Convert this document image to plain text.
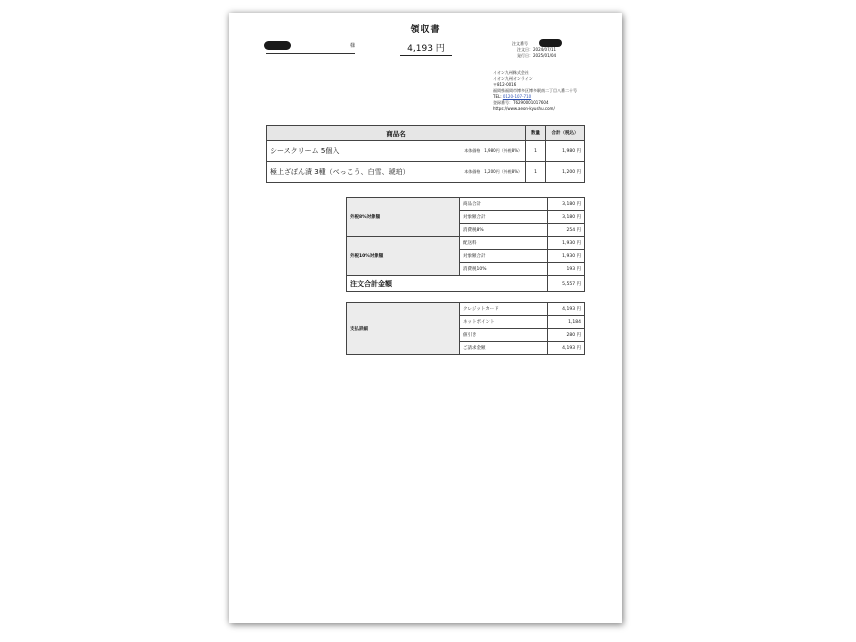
領収書
様	4,193 円
注文番号
注文日：2024/07/11
発行日：2025/01/04
イオン九州株式会社
イオン九州オンライン
〒812-0016
福岡県福岡市博多区博多駅南二丁目八番二十号
TEL: 0120-107-710
登録番号：T6290001017604
https://www.aeon-kyushu.com/
商品名		数量	合計（税込）
シースクリーム 5個入	本体価格　1,980円（外税8%）	1	1,980 円
極上ざぼん漬 3種（べっこう、白雪、琥珀）	本体価格　1,200円（外税8%）	1	1,200 円
外税8%対象額	商品合計	3,180 円
	対象額合計	3,180 円
	消費税8%	254 円
外税10%対象額	配送料	1,930 円
	対象額合計	1,930 円
	消費税10%	193 円
注文合計金額		5,557 円
支払詳細	クレジットカード	4,193 円
	ネットポイント	1,184
	値引き	280 円
	ご請求金額	4,193 円
